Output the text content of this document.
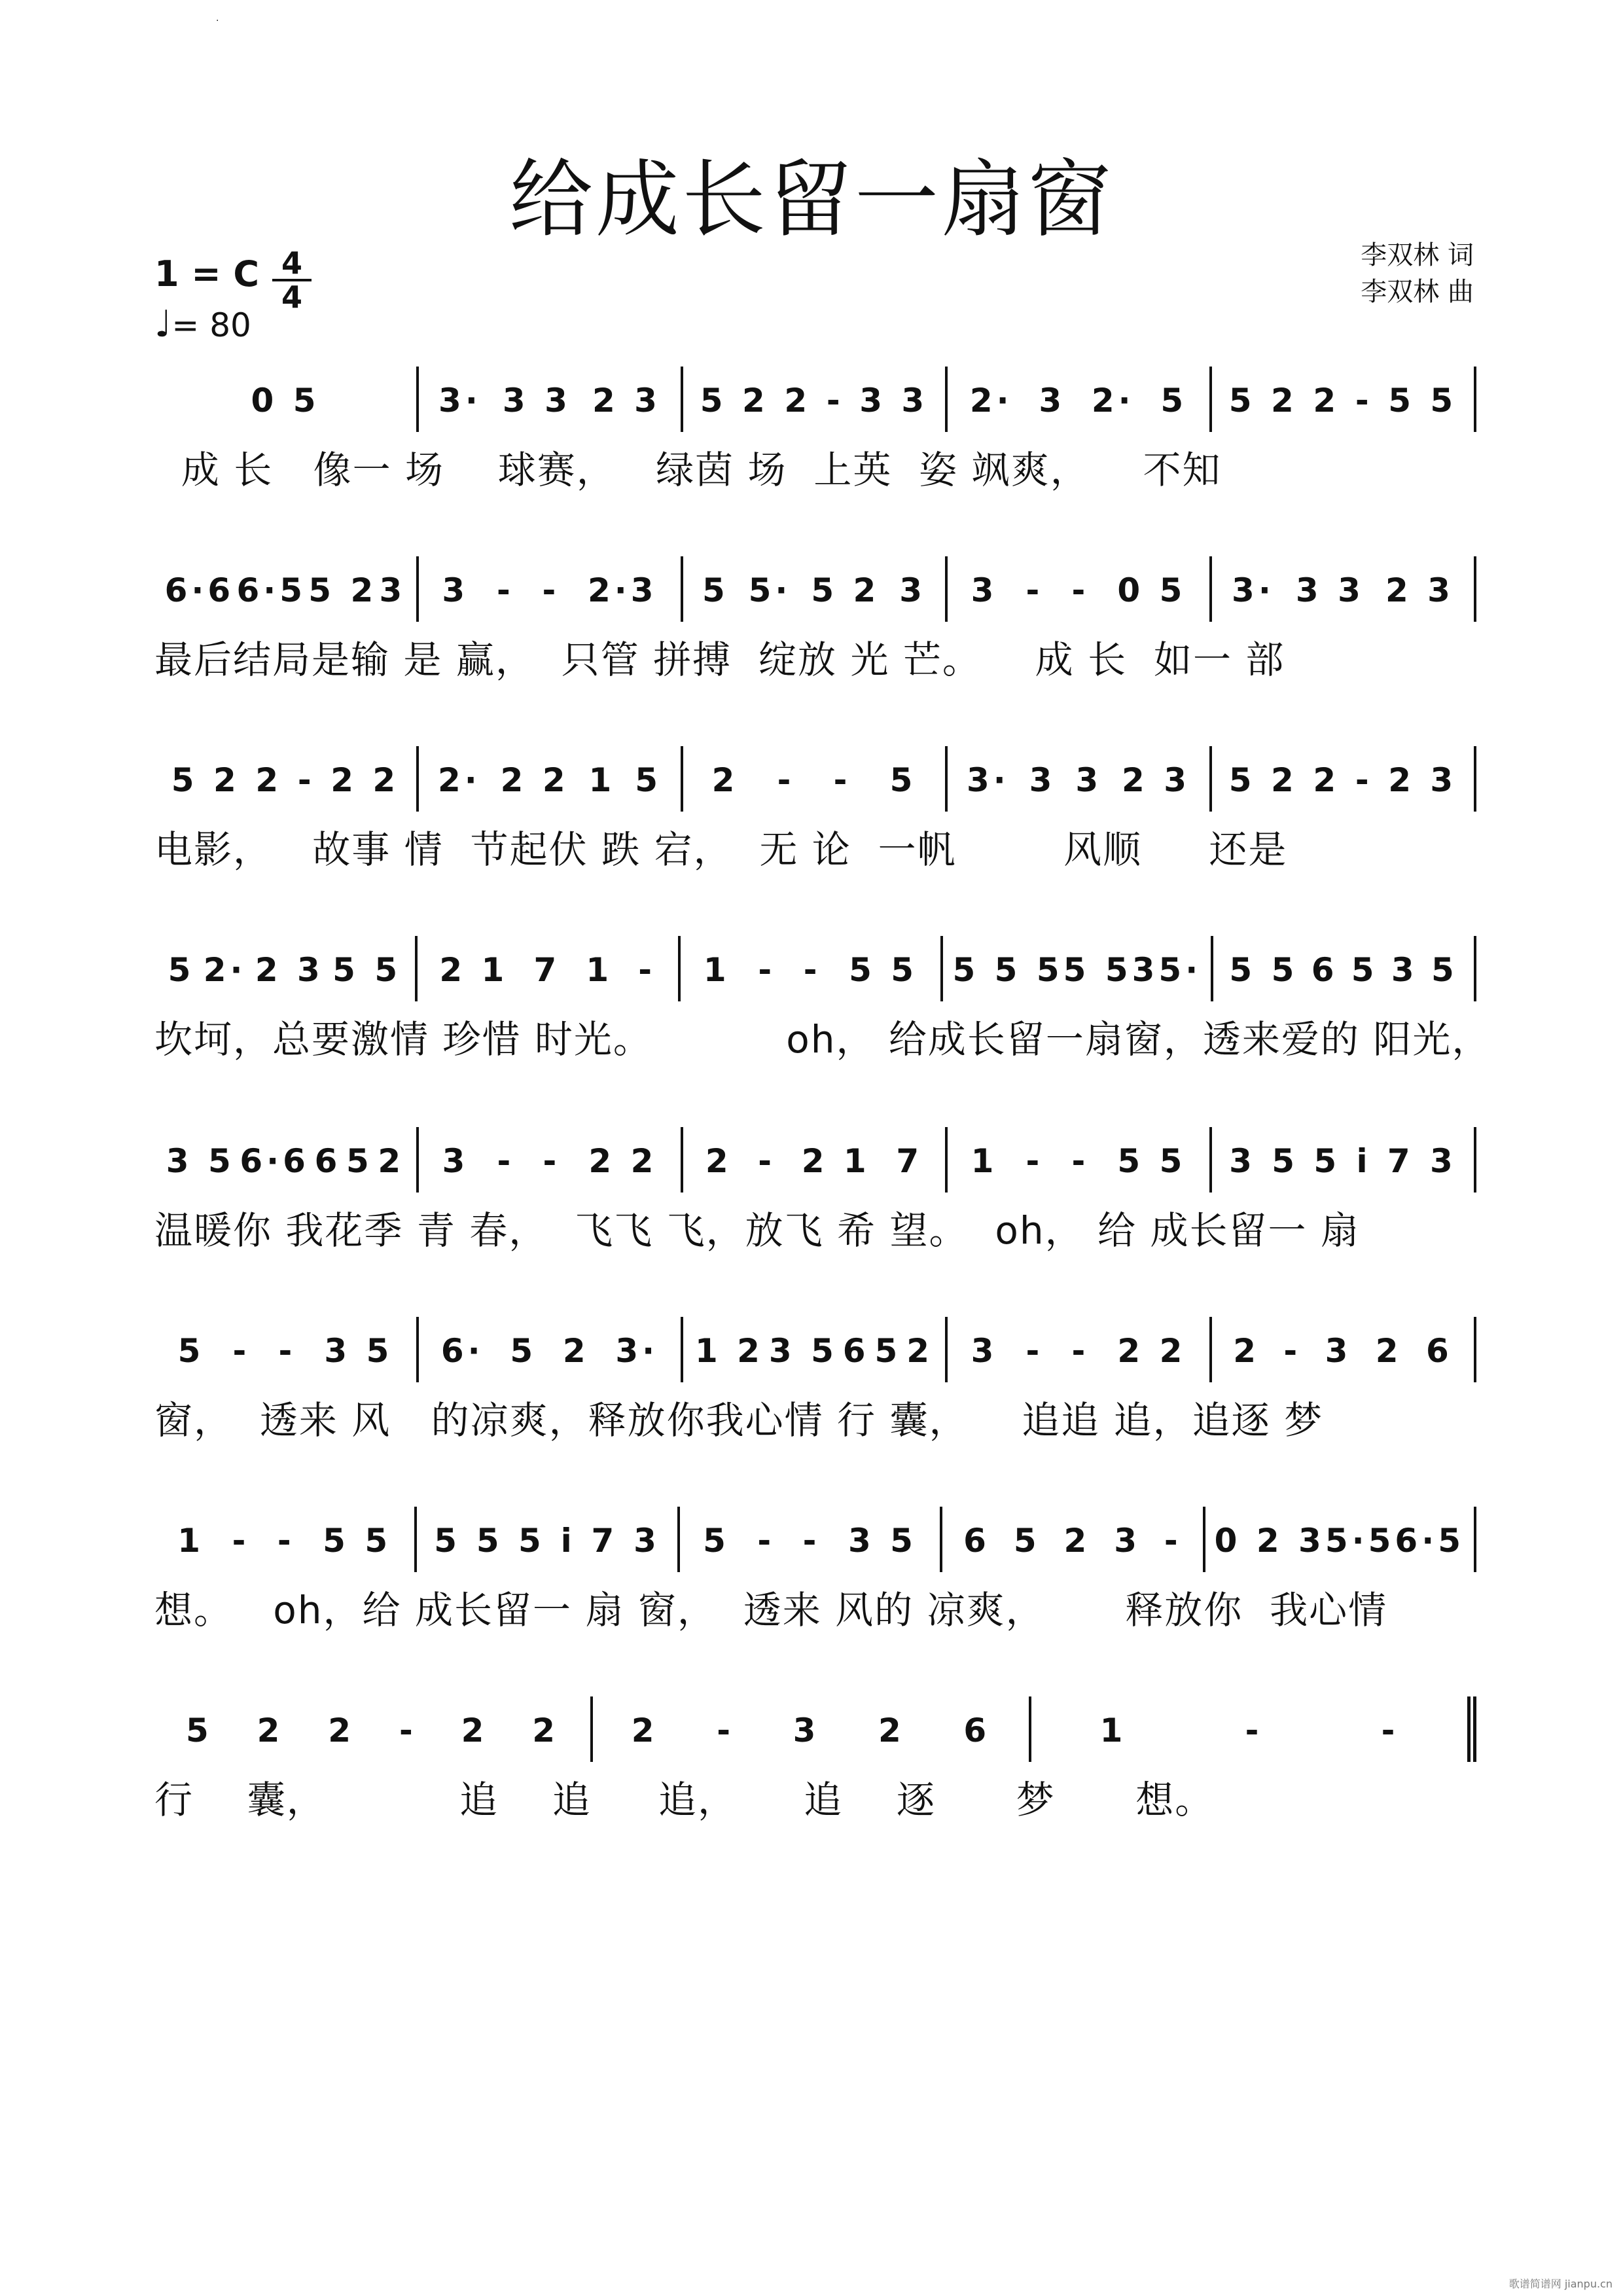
.
给成长留一扇窗
李双林 词
李双林 曲
1 = C 4
4
♩= 80
0 5	3· 3 3 2 3 5 2 2 - 3 3 2· 3 2· 5 5 2 2 - 5 5
成 长   像一 场    球赛，   绿茵 场  上英  姿 飒爽，    不知
6·6 6·5 5 2 3 3 - - 2·3 5 5· 5 2 3 3 - - 0 5 3· 3 3 2 3
最后结局是输 是 赢，  只管 拼搏  绽放 光 芒。    成 长  如一 部
5 2 2 - 2 2 2· 2 2 1 5 2 - - 5 3· 3 3 2 3 5 2 2 - 2 3
电影，   故事 情  节起伏 跌 宕，  无 论  一帆        风顺     还是
5 2· 2 3 5 5 2 1 7 1 - 1 - - 5 5 5 5 5 5 5 3 5· 5 5 6 5 3 5
坎坷，总要激情 珍惜 时光。          oh， 给成长留一扇窗，透来爱的 阳光，
3 5 6·6 6 5 2 3 - - 2 2 2 - 2 1 7 1 - - 5 5 3 5 5 i 7 3
温暖你 我花季 青 春，  飞飞 飞，放飞 希 望。  oh， 给 成长留一 扇
5 - - 3 5 6· 5 2 3· 1 2 3 5 6 5 2 3 - - 2 2 2 - 3 2 6
窗，  透来 风   的凉爽，释放你我心情 行 囊，    追追 追，追逐 梦
1 - - 5 5 5 5 5 i 7 3 5 - - 3 5 6 5 2 3 - 0 2 3 5· 5 6·5
想。   oh，给 成长留一 扇 窗，  透来 风的 凉爽，      释放你  我心情
5 2 2 - 2 2 2 - 3 2 6	1	-	-
行    囊，          追    追     追，     追    逐      梦      想。
歌谱简谱网 jianpu.cn
